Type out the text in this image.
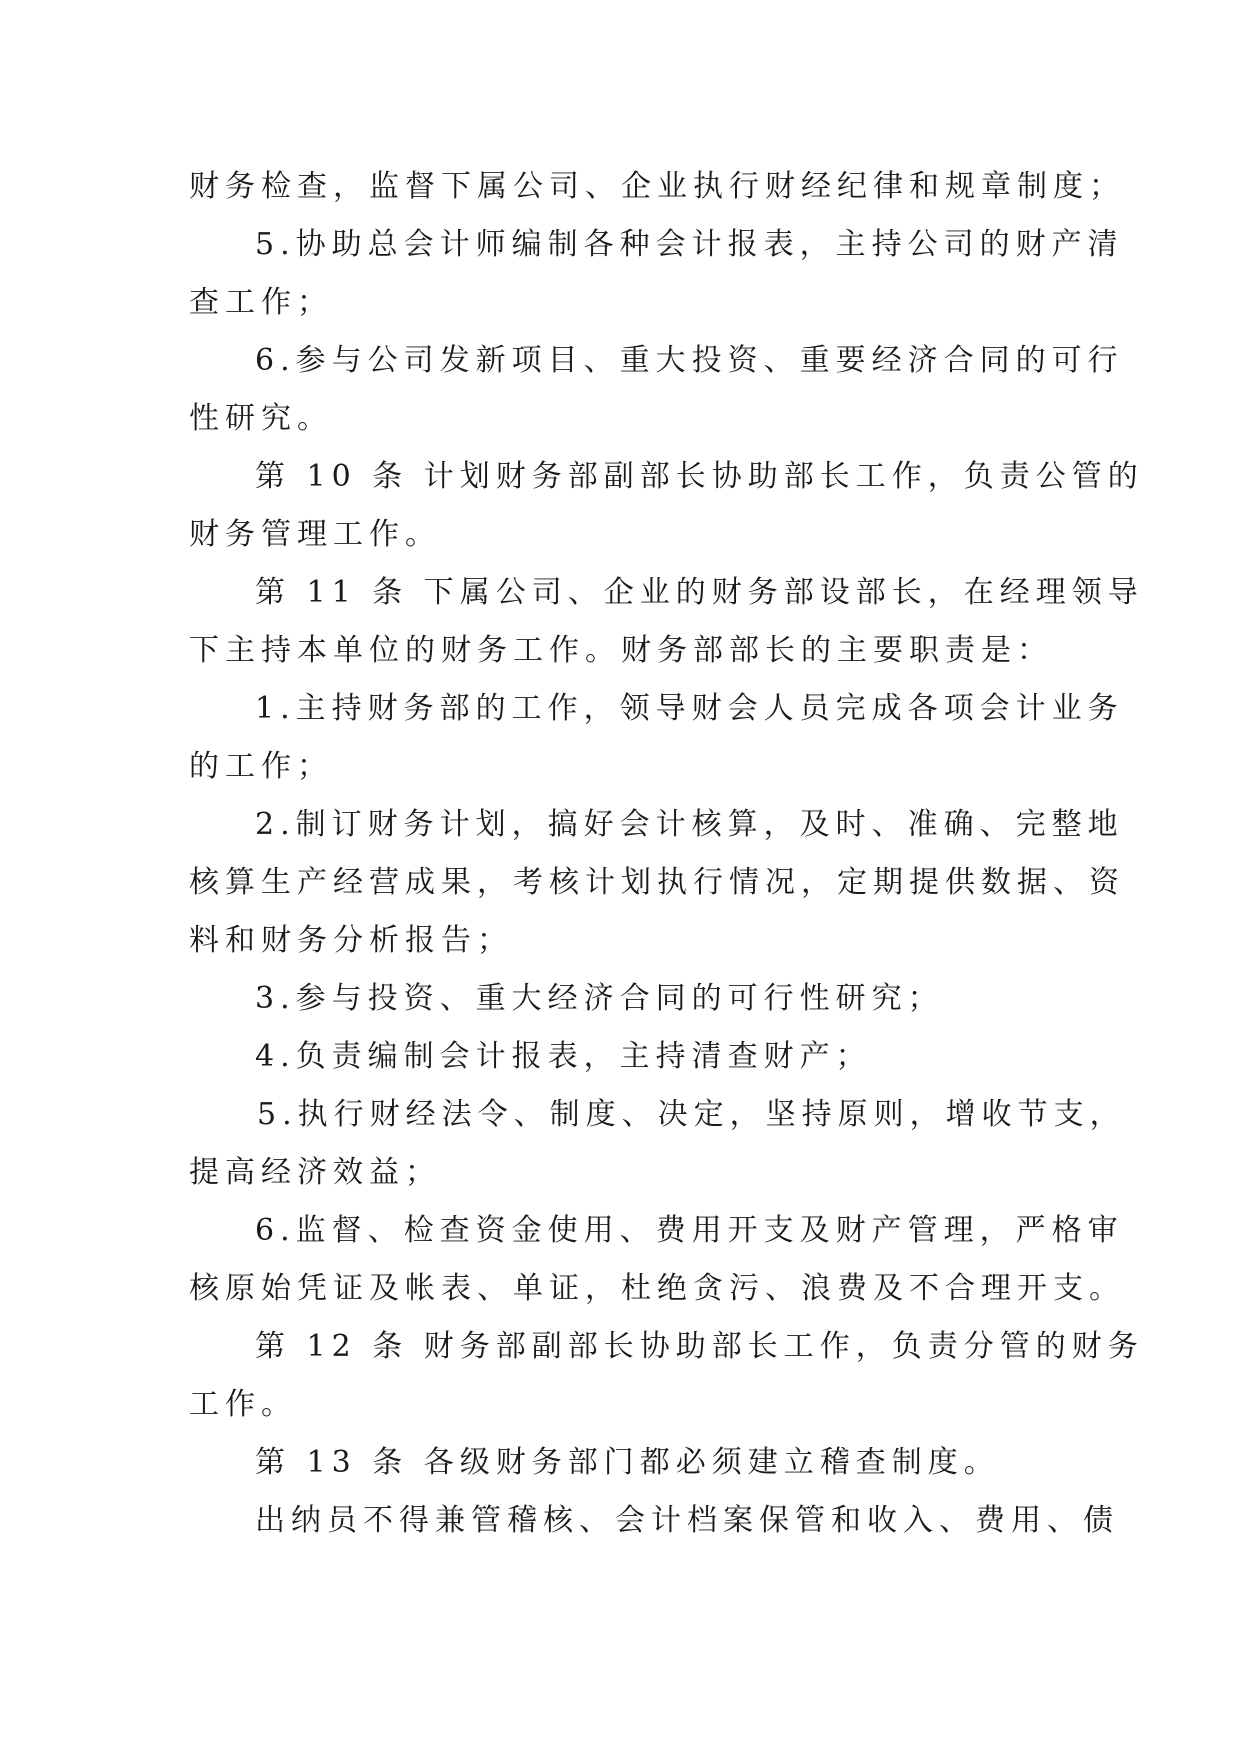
财务检查，监督下属公司、企业执行财经纪律和规章制度；
5.协助总会计师编制各种会计报表，主持公司的财产清
查工作；
6.参与公司发新项目、重大投资、重要经济合同的可行
性研究。
第 10 条 计划财务部副部长协助部长工作，负责公管的
财务管理工作。
第 11 条 下属公司、企业的财务部设部长，在经理领导
下主持本单位的财务工作。财务部部长的主要职责是：
1.主持财务部的工作，领导财会人员完成各项会计业务
的工作；
2.制订财务计划，搞好会计核算，及时、准确、完整地
核算生产经营成果，考核计划执行情况，定期提供数据、资
料和财务分析报告；
3.参与投资、重大经济合同的可行性研究；
4.负责编制会计报表，主持清查财产；
5.执行财经法令、制度、决定，坚持原则，增收节支，
提高经济效益；
6.监督、检查资金使用、费用开支及财产管理，严格审
核原始凭证及帐表、单证，杜绝贪污、浪费及不合理开支。
第 12 条 财务部副部长协助部长工作，负责分管的财务
工作。
第 13 条 各级财务部门都必须建立稽查制度。
出纳员不得兼管稽核、会计档案保管和收入、费用、债
